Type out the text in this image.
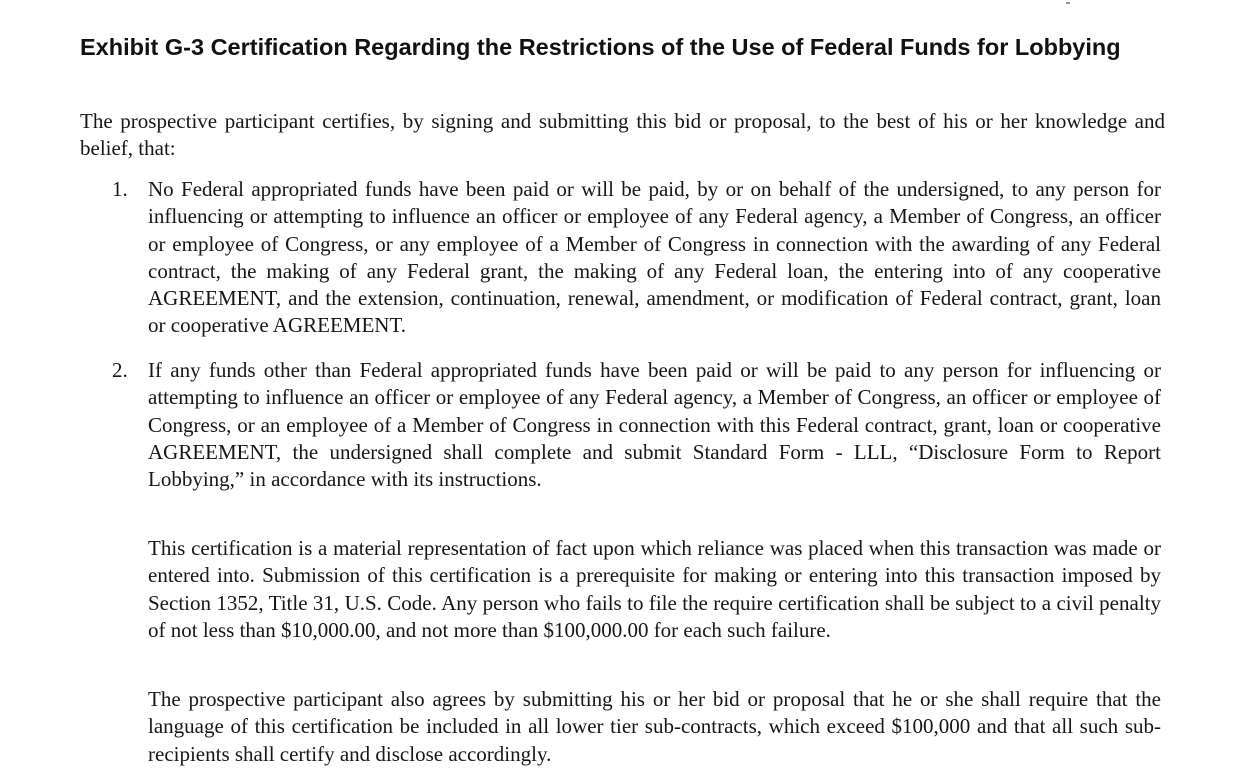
Exhibit G-3 Certification Regarding the Restrictions of the Use of Federal Funds for Lobbying

The prospective participant certifies, by signing and submitting this bid or proposal, to the best of his or her knowledge and belief, that:

1. No Federal appropriated funds have been paid or will be paid, by or on behalf of the undersigned, to any person for influencing or attempting to influence an officer or employee of any Federal agency, a Member of Congress, an officer or employee of Congress, or any employee of a Member of Congress in connection with the awarding of any Federal contract, the making of any Federal grant, the making of any Federal loan, the entering into of any cooperative AGREEMENT, and the extension, continuation, renewal, amendment, or modification of Federal contract, grant, loan or cooperative AGREEMENT.

2. If any funds other than Federal appropriated funds have been paid or will be paid to any person for influencing or attempting to influence an officer or employee of any Federal agency, a Member of Congress, an officer or employee of Congress, or an employee of a Member of Congress in connection with this Federal contract, grant, loan or cooperative AGREEMENT, the undersigned shall complete and submit Standard Form - LLL, “Disclosure Form to Report Lobbying,” in accordance with its instructions.

This certification is a material representation of fact upon which reliance was placed when this transaction was made or entered into. Submission of this certification is a prerequisite for making or entering into this transaction imposed by Section 1352, Title 31, U.S. Code. Any person who fails to file the require certification shall be subject to a civil penalty of not less than $10,000.00, and not more than $100,000.00 for each such failure.

The prospective participant also agrees by submitting his or her bid or proposal that he or she shall require that the language of this certification be included in all lower tier sub-contracts, which exceed $100,000 and that all such sub-recipients shall certify and disclose accordingly.
